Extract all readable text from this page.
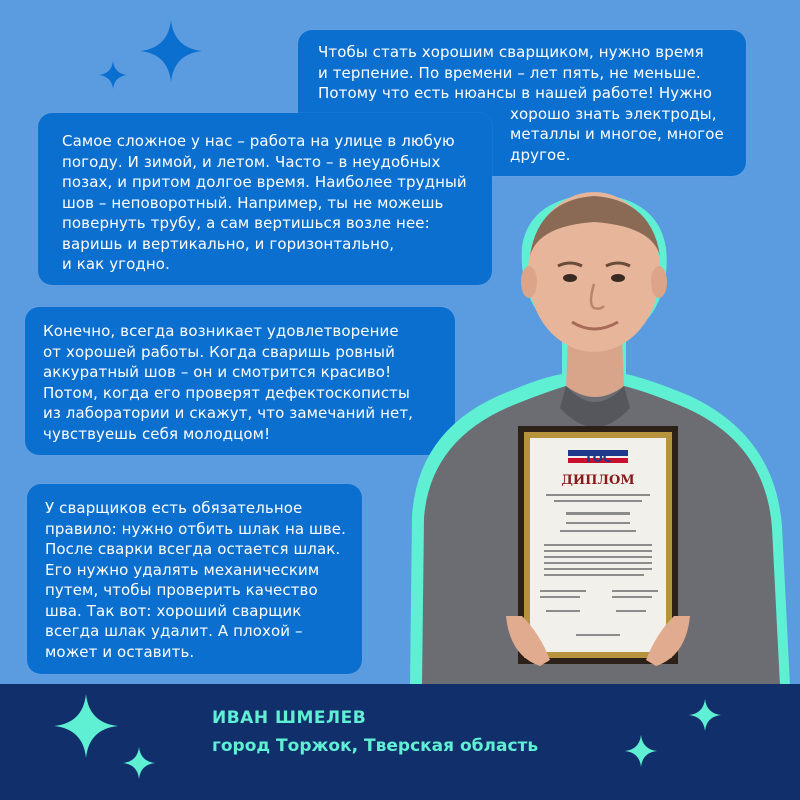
Чтобы стать хорошим сварщиком, нужно время

и терпение. По времени – лет пять, не меньше.

Потому что есть нюансы в нашей работе! Нужно

хорошо знать электроды,

металлы и многое, многое

другое.

Самое сложное у нас – работа на улице в любую

погоду. И зимой, и летом. Часто – в неудобных

позах, и притом долгое время. Наиболее трудный

шов – неповоротный. Например, ты не можешь

повернуть трубу, а сам вертишься возле нее:

варишь и вертикально, и горизонтально,

и как угодно.

Конечно, всегда возникает удовлетворение

от хорошей работы. Когда сваришь ровный

аккуратный шов – он и смотрится красиво!

Потом, когда его проверят дефектоскописты

из лаборатории и скажут, что замечаний нет,

чувствуешь себя молодцом!

У сварщиков есть обязательное

правило: нужно отбить шлак на шве.

После сварки всегда остается шлак.

Его нужно удалять механическим

путем, чтобы проверить качество

шва. Так вот: хороший сварщик

всегда шлак удалит. А плохой –

может и оставить.

ТОС
ДИПЛОМ
ИВАН ШМЕЛЕВ
город Торжок, Тверская область
